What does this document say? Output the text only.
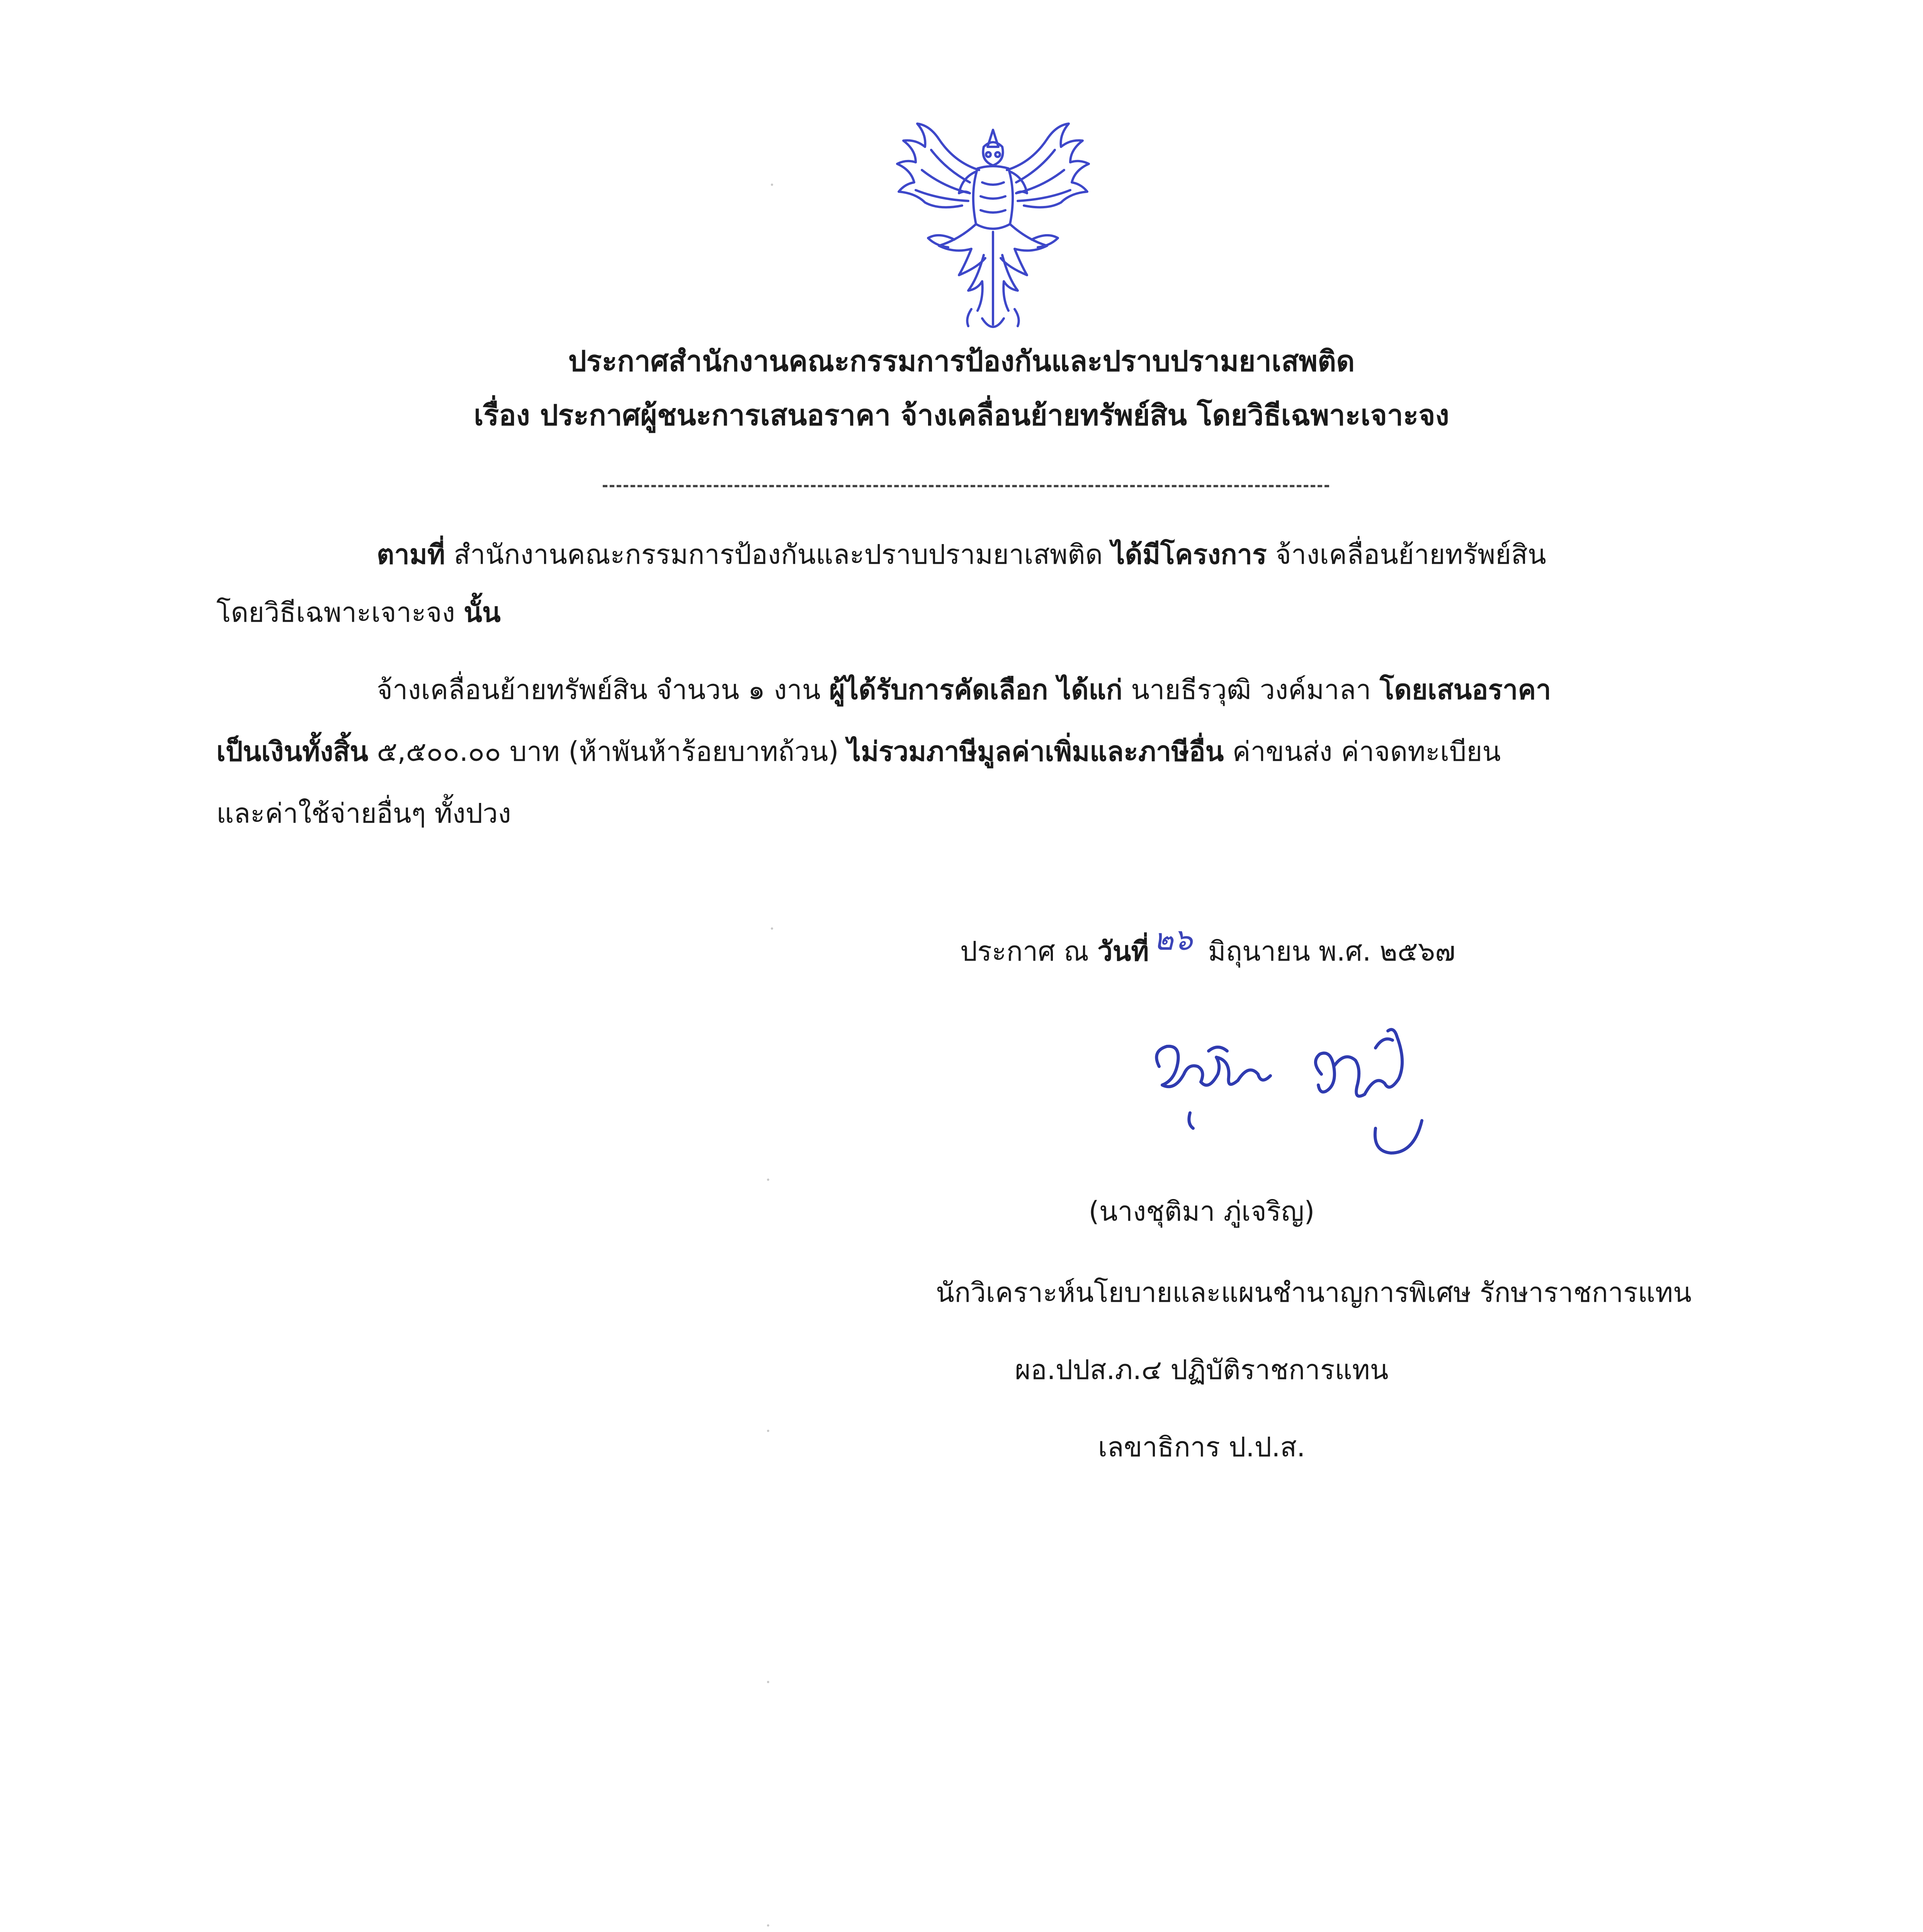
ประกาศสำนักงานคณะกรรมการป้องกันและปราบปรามยาเสพติด
เรื่อง ประกาศผู้ชนะการเสนอราคา จ้างเคลื่อนย้ายทรัพย์สิน โดยวิธีเฉพาะเจาะจง
ตามที่ สำนักงานคณะกรรมการป้องกันและปราบปรามยาเสพติด ได้มีโครงการ จ้างเคลื่อนย้ายทรัพย์สิน
โดยวิธีเฉพาะเจาะจง นั้น
จ้างเคลื่อนย้ายทรัพย์สิน จำนวน ๑ งาน ผู้ได้รับการคัดเลือก ได้แก่ นายธีรวุฒิ วงค์มาลา โดยเสนอราคา
เป็นเงินทั้งสิ้น ๕,๕๐๐.๐๐ บาท (ห้าพันห้าร้อยบาทถ้วน) ไม่รวมภาษีมูลค่าเพิ่มและภาษีอื่น ค่าขนส่ง ค่าจดทะเบียน
และค่าใช้จ่ายอื่นๆ ทั้งปวง
ประกาศ ณ วันที่ ๒๖ มิถุนายน พ.ศ. ๒๕๖๗
(นางชุติมา ภู่เจริญ)
นักวิเคราะห์นโยบายและแผนชำนาญการพิเศษ รักษาราชการแทน
ผอ.ปปส.ภ.๔ ปฏิบัติราชการแทน
เลขาธิการ ป.ป.ส.
